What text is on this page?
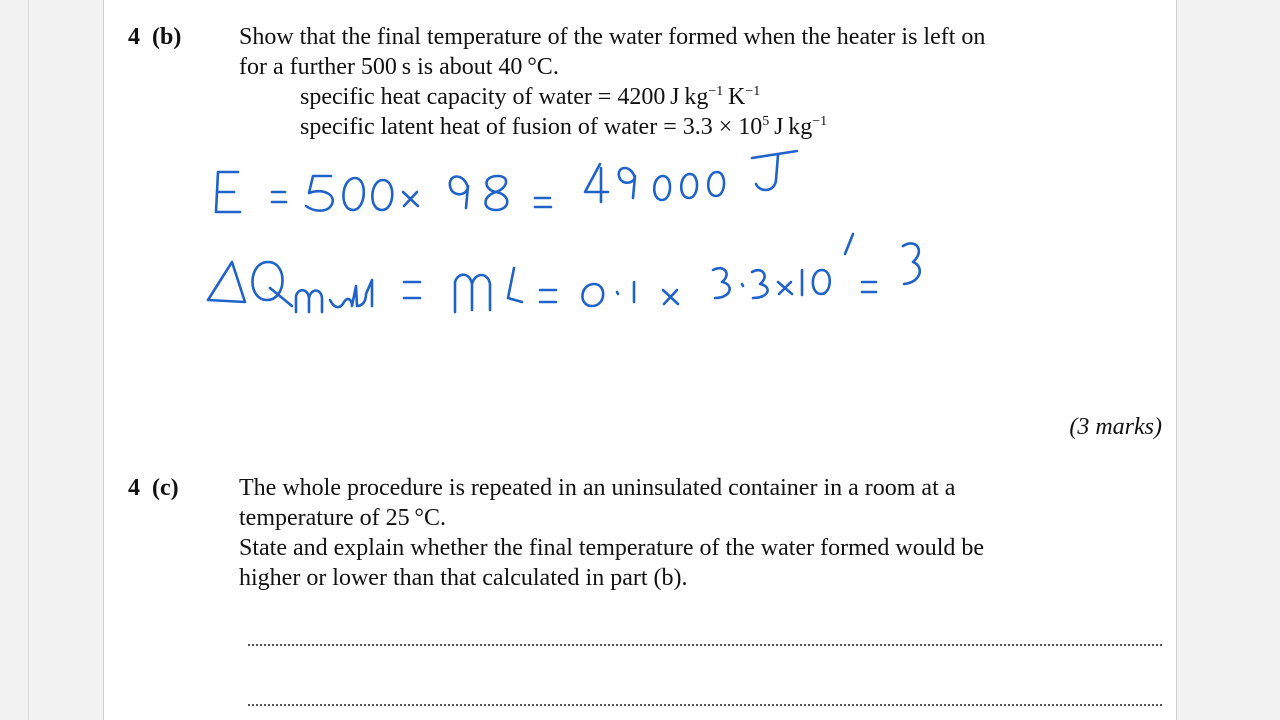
4 (b) Show that the final temperature of the water formed when the heater is left on

for a further 500 s is about 40 °C.

specific heat capacity of water = 4200 J $kg^{-1}$ $K^{-1}$

specific latent heat of fusion of water = $3.3 \times 10^5$ J $kg^{-1}$

(3 marks)
4 (c)	The whole procedure is repeated in an uninsulated container in a room at a

temperature of 25 °C.

State and explain whether the final temperature of the water formed would be

higher or lower than that calculated in part (b).
